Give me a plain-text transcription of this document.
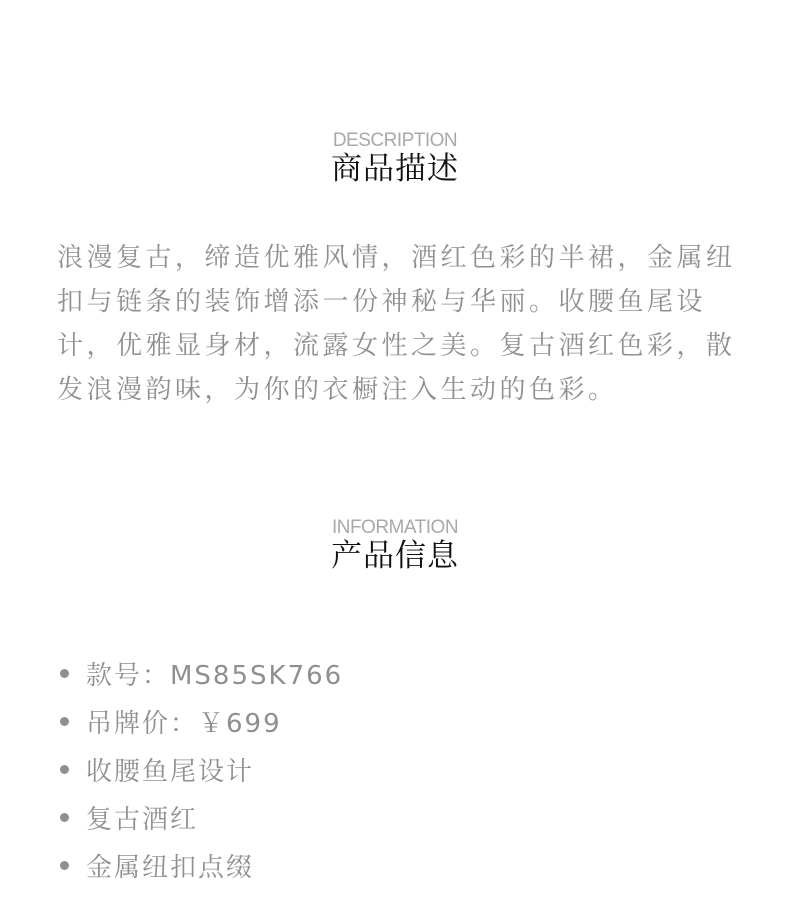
DESCRIPTION
商品描述

浪漫复古，缔造优雅风情，酒红色彩的半裙，金属纽扣与链条的装饰增添一份神秘与华丽。收腰鱼尾设计，优雅显身材，流露女性之美。复古酒红色彩，散发浪漫韵味，为你的衣橱注入生动的色彩。

INFORMATION
产品信息
款号：MS85SK766
吊牌价：￥699
收腰鱼尾设计
复古酒红
金属纽扣点缀
